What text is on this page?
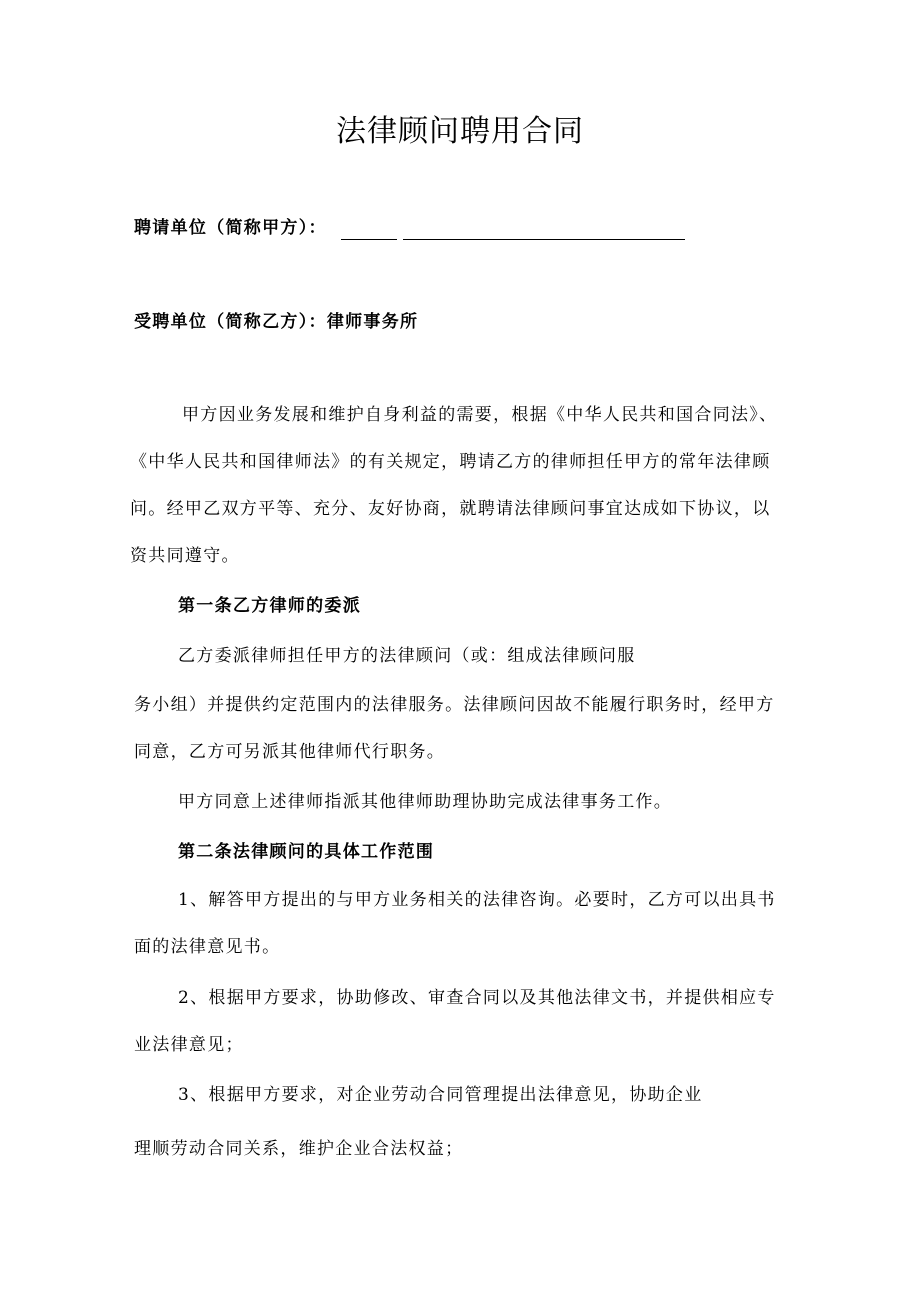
法律顾问聘用合同
聘请单位（简称甲方）：
受聘单位（简称乙方）：律师事务所
甲方因业务发展和维护自身利益的需要，根据《中华人民共和国合同法》、
《中华人民共和国律师法》的有关规定，聘请乙方的律师担任甲方的常年法律顾
问。经甲乙双方平等、充分、友好协商，就聘请法律顾问事宜达成如下协议，以
资共同遵守。
第一条乙方律师的委派
乙方委派律师担任甲方的法律顾问（或：组成法律顾问服
务小组）并提供约定范围内的法律服务。法律顾问因故不能履行职务时，经甲方
同意，乙方可另派其他律师代行职务。
甲方同意上述律师指派其他律师助理协助完成法律事务工作。
第二条法律顾问的具体工作范围
1、解答甲方提出的与甲方业务相关的法律咨询。必要时，乙方可以出具书
面的法律意见书。
2、根据甲方要求，协助修改、审查合同以及其他法律文书，并提供相应专
业法律意见；
3、根据甲方要求，对企业劳动合同管理提出法律意见，协助企业
理顺劳动合同关系，维护企业合法权益；
